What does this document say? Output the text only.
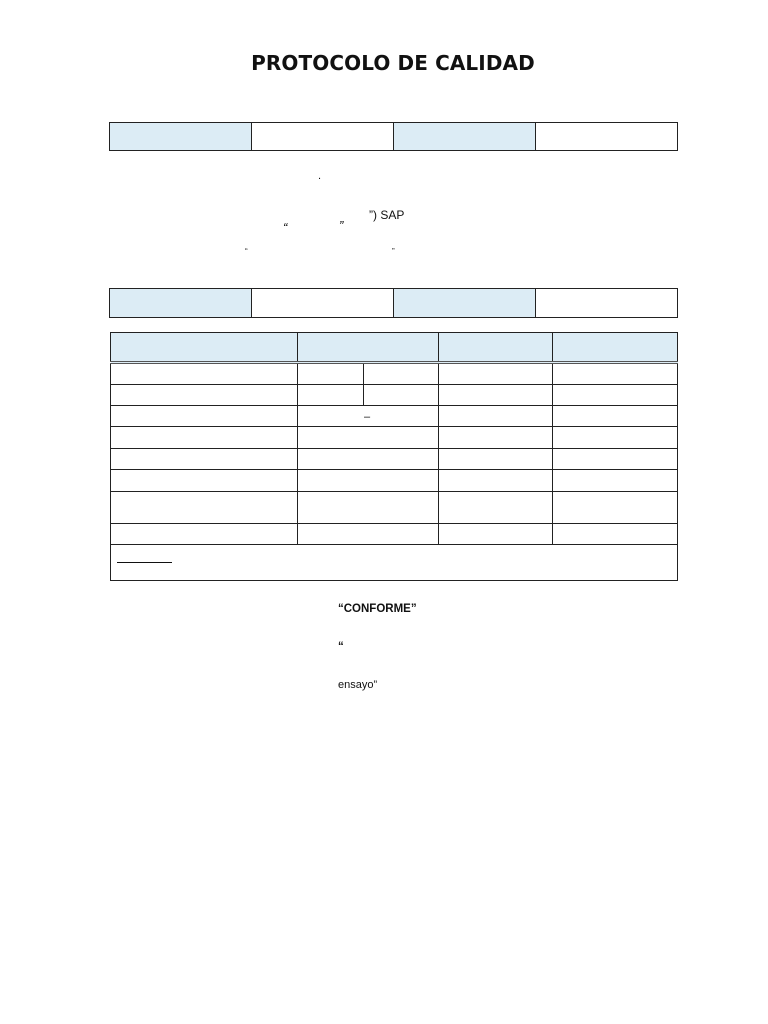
PROTOCOLO DE CALIDAD

.
”) SAP
“	”
“	”

–
“CONFORME”
“
ensayo”
